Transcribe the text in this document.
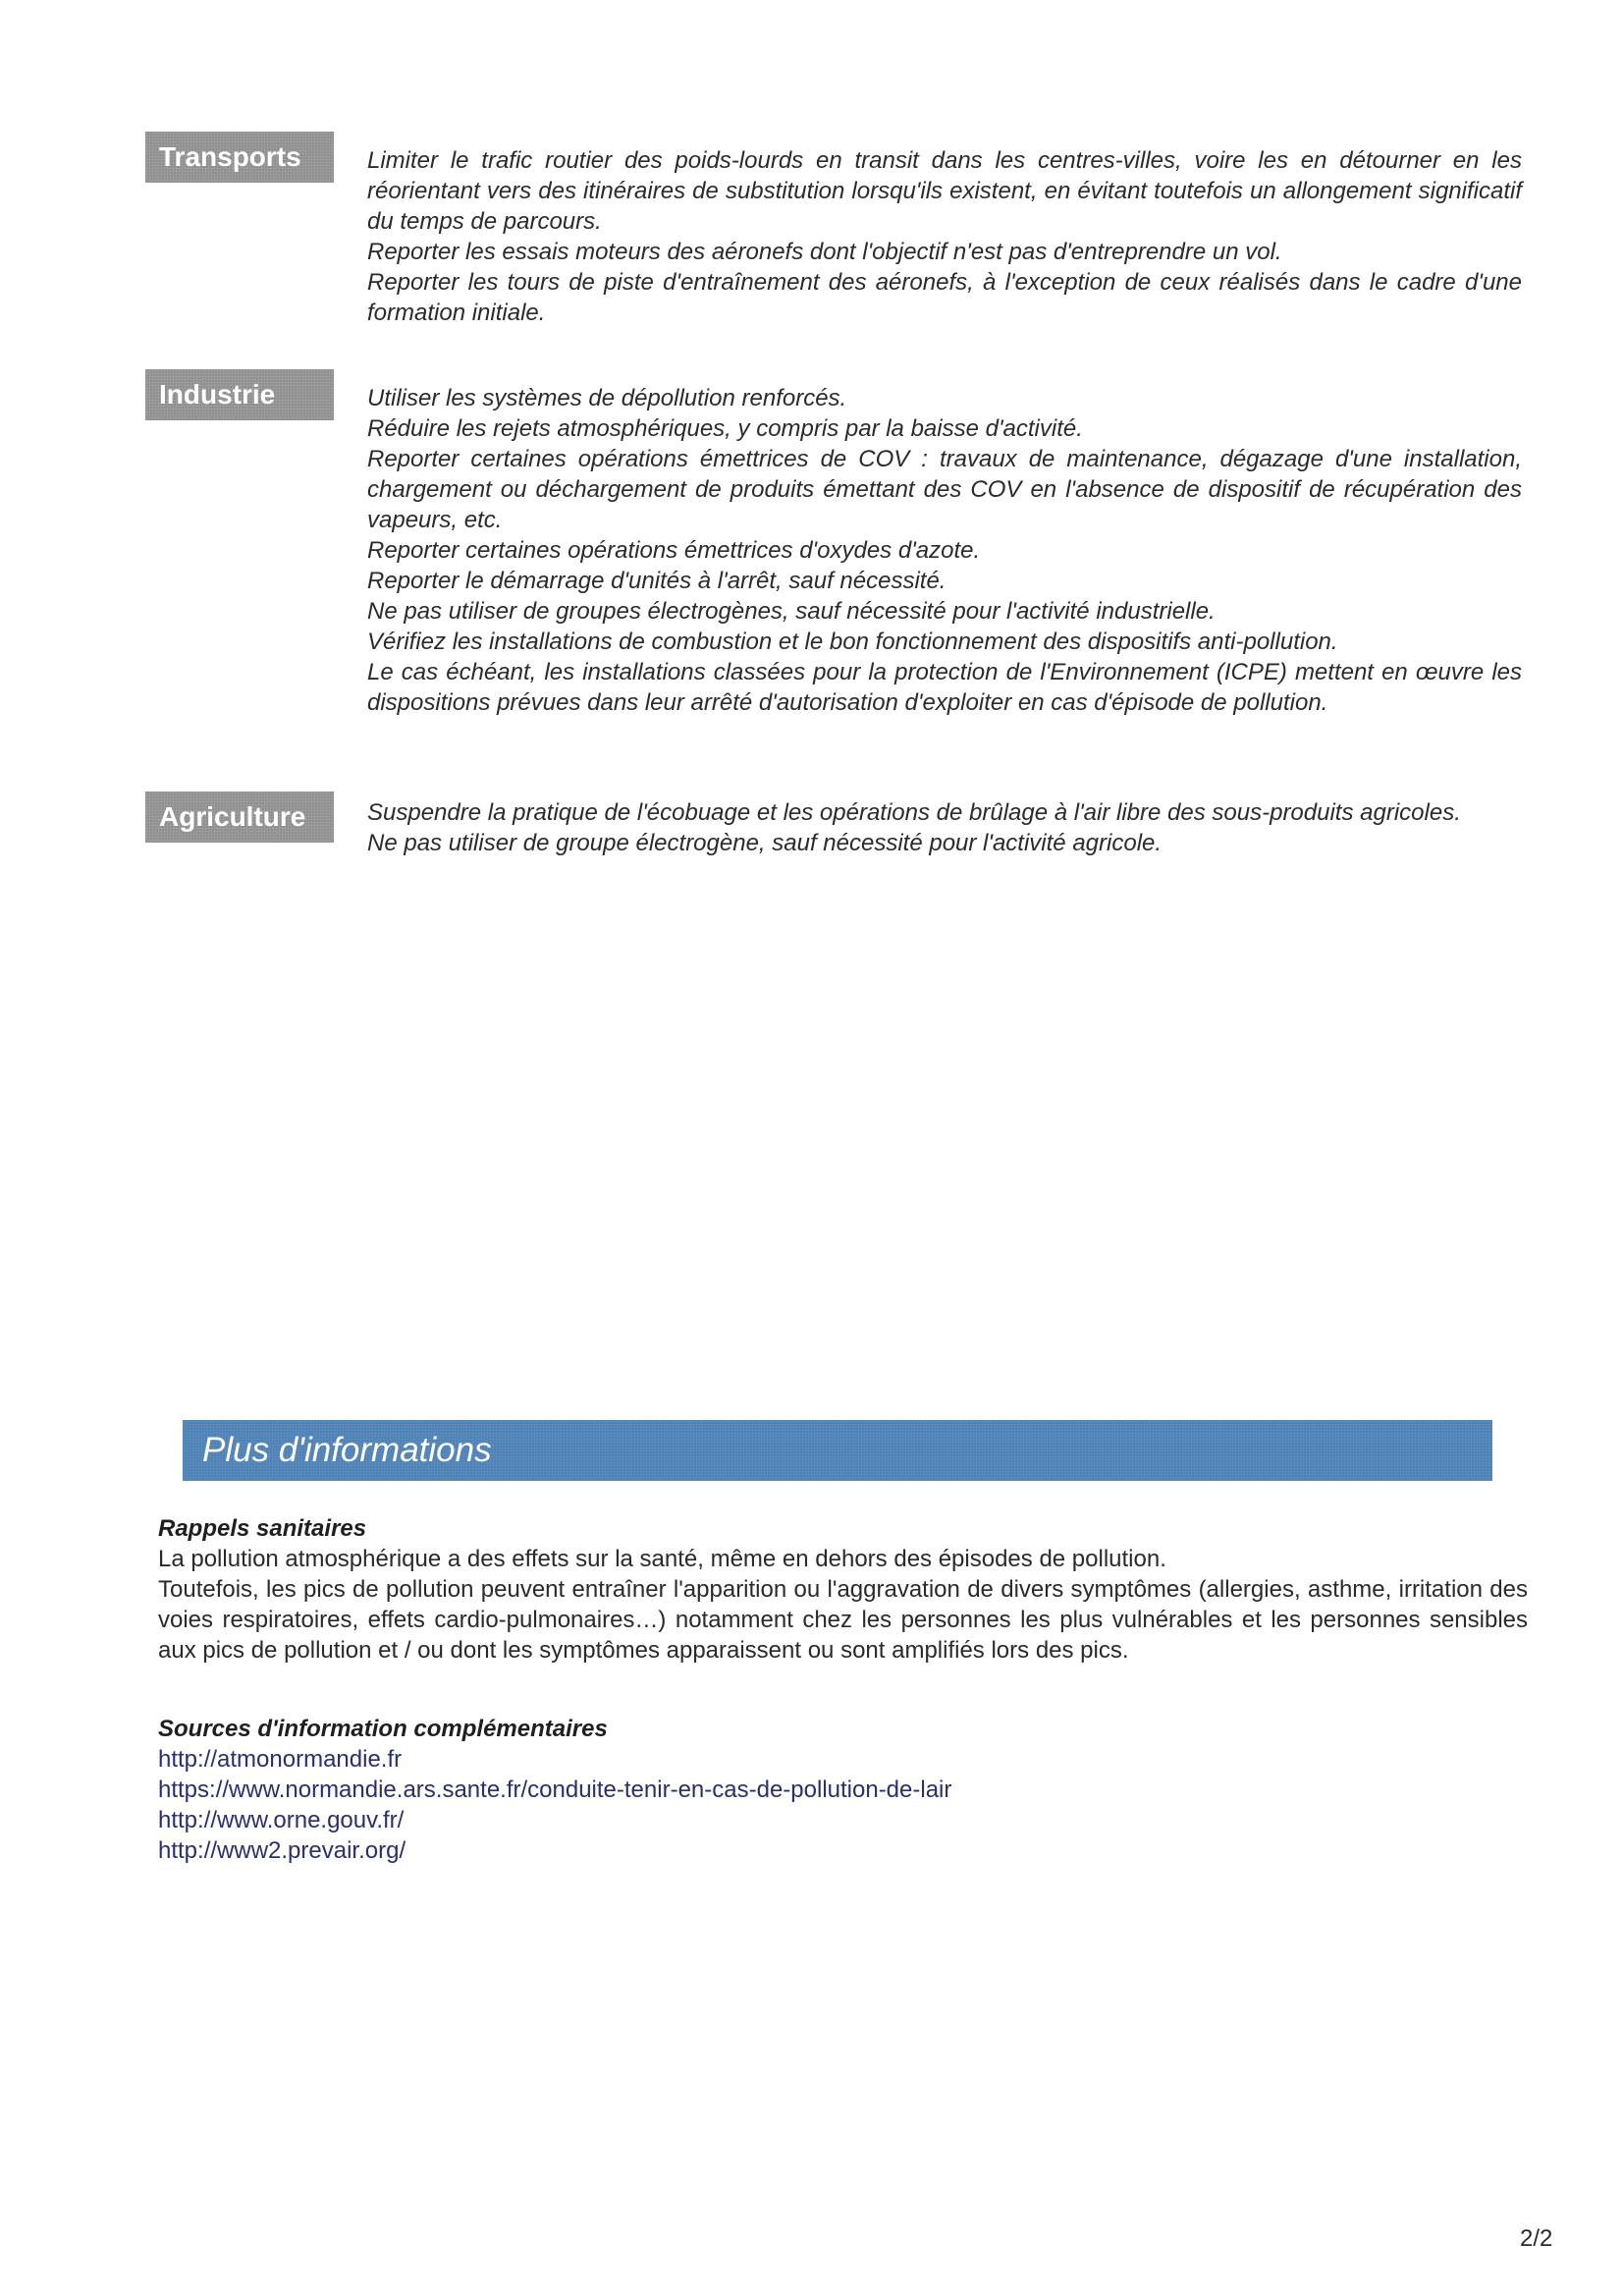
Transports	Limiter le trafic routier des poids-lourds en transit dans les centres-villes, voire les en détourner en les réorientant vers des itinéraires de substitution lorsqu'ils existent, en évitant toutefois un allongement significatif du temps de parcours.

Reporter les essais moteurs des aéronefs dont l'objectif n'est pas d'entreprendre un vol.

Reporter les tours de piste d'entraînement des aéronefs, à l'exception de ceux réalisés dans le cadre d'une formation initiale.

Industrie	Utiliser les systèmes de dépollution renforcés.

Réduire les rejets atmosphériques, y compris par la baisse d'activité.

Reporter certaines opérations émettrices de COV : travaux de maintenance, dégazage d'une installation, chargement ou déchargement de produits émettant des COV en l'absence de dispositif de récupération des vapeurs, etc.

Reporter certaines opérations émettrices d'oxydes d'azote.

Reporter le démarrage d'unités à l'arrêt, sauf nécessité.

Ne pas utiliser de groupes électrogènes, sauf nécessité pour l'activité industrielle.

Vérifiez les installations de combustion et le bon fonctionnement des dispositifs anti-pollution.

Le cas échéant, les installations classées pour la protection de l'Environnement (ICPE) mettent en œuvre les dispositions prévues dans leur arrêté d'autorisation d'exploiter en cas d'épisode de pollution.

Agriculture	Suspendre la pratique de l'écobuage et les opérations de brûlage à l'air libre des sous-produits agricoles.

Ne pas utiliser de groupe électrogène, sauf nécessité pour l'activité agricole.

Plus d'informations
Rappels sanitaires

La pollution atmosphérique a des effets sur la santé, même en dehors des épisodes de pollution.

Toutefois, les pics de pollution peuvent entraîner l'apparition ou l'aggravation de divers symptômes (allergies, asthme, irritation des voies respiratoires, effets cardio-pulmonaires…) notamment chez les personnes les plus vulnérables et les personnes sensibles aux pics de pollution et / ou dont les symptômes apparaissent ou sont amplifiés lors des pics.

Sources d'information complémentaires
http://atmonormandie.fr
https://www.normandie.ars.sante.fr/conduite-tenir-en-cas-de-pollution-de-lair
http://www.orne.gouv.fr/
http://www2.prevair.org/
2/2
